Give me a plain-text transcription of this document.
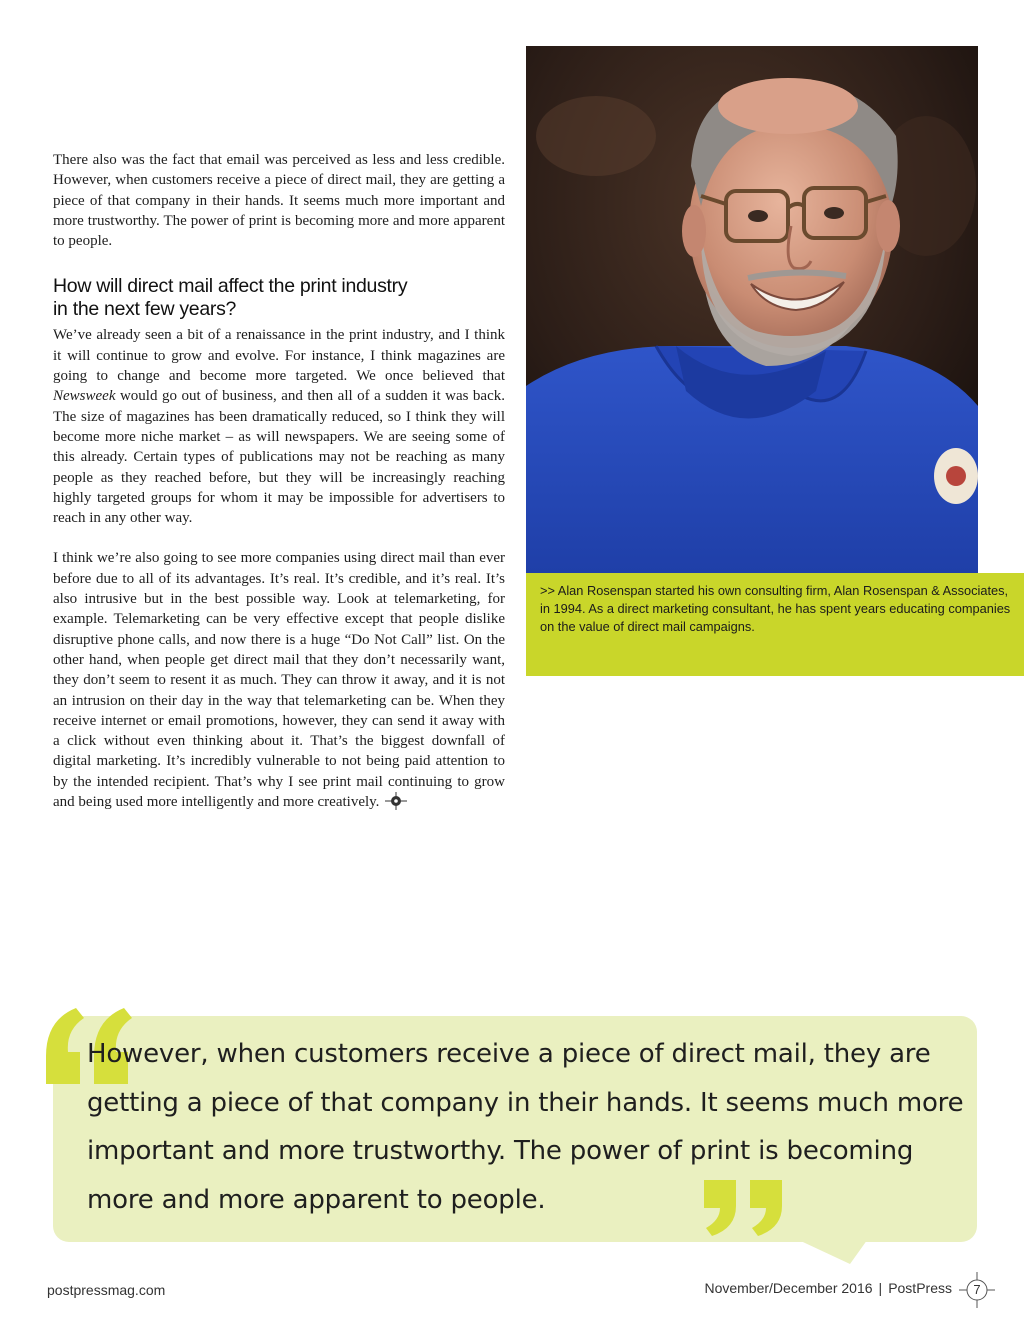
There also was the fact that email was perceived as less and less credible. However, when customers receive a piece of direct mail, they are getting a piece of that company in their hands. It seems much more important and more trustworthy. The power of print is becoming more and more apparent to people.

How will direct mail affect the print industry
in the next few years?

We’ve already seen a bit of a renaissance in the print industry, and I think it will continue to grow and evolve. For instance, I think magazines are going to change and become more targeted. We once believed that Newsweek would go out of business, and then all of a sudden it was back. The size of magazines has been dramatically reduced, so I think they will become more niche market – as will newspapers. We are seeing some of this already. Certain types of publications may not be reaching as many people as they reached before, but they will be increasingly reaching highly targeted groups for whom it may be impossible for advertisers to reach in any other way.

I think we’re also going to see more companies using direct mail than ever before due to all of its advantages. It’s real. It’s credible, and it’s real. It’s also intrusive but in the best possible way. Look at telemarketing, for example. Telemarketing can be very effective except that people dislike disruptive phone calls, and now there is a huge “Do Not Call” list. On the other hand, when people get direct mail that they don’t necessarily want, they don’t seem to resent it as much. They can throw it away, and it is not an intrusion on their day in the way that telemarketing can be. When they receive internet or email promotions, however, they can send it away with a click without even thinking about it. That’s the biggest downfall of digital marketing. It’s incredibly vulnerable to not being paid attention to by the intended recipient. That’s why I see print mail continuing to grow and being used more intelligently and more creatively.

>> Alan Rosenspan started his own consulting firm, Alan Rosenspan & Associates, in 1994. As a direct marketing consultant, he has spent years educating companies on the value of direct mail campaigns.
However, when customers receive a piece of direct mail, they are getting a piece of that company in their hands. It seems much more important and more trustworthy. The power of print is becoming more and more apparent to people.
postpressmag.com	November/December 2016 | PostPress	7
